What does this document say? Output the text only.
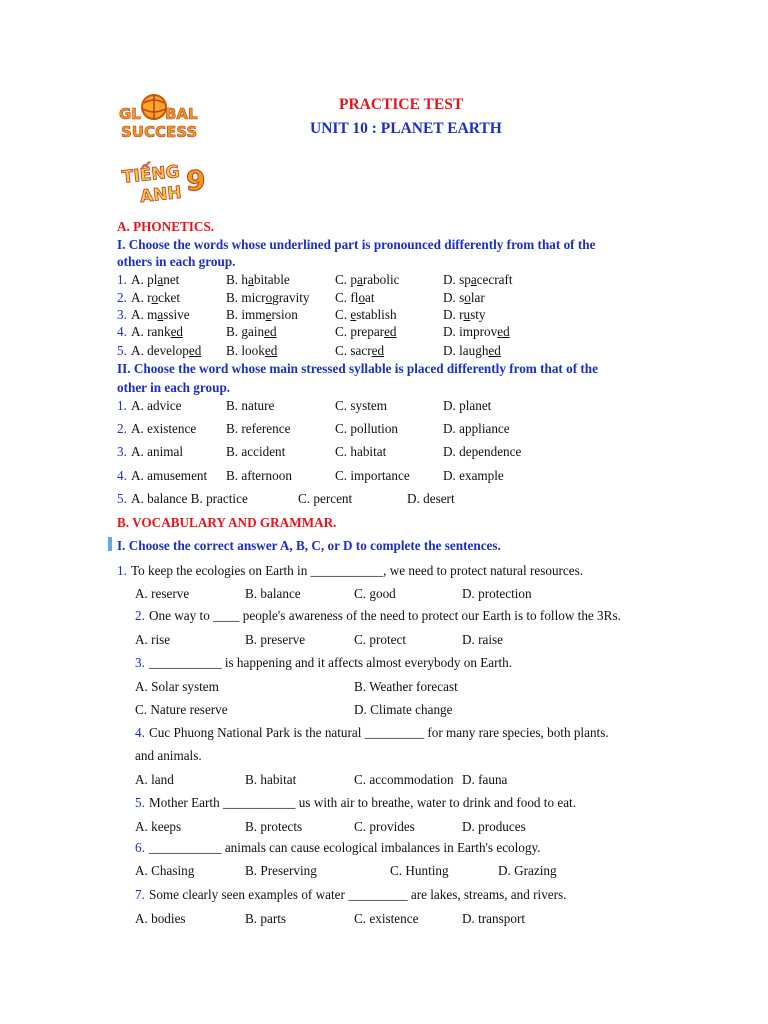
GL BAL
SUCCESS
TIẾNG
ANH 9
PRACTICE TEST
UNIT 10 : PLANET EARTH
A. PHONETICS.
I. Choose the words whose underlined part is pronounced differently from that of the
others in each group.
1. A. planet	B. habitable	C. parabolic	D. spacecraft
2. A. rocket	B. microgravity C. float	D. solar
3. A. massive	B. immersion	C. establish	D. rusty
4. A. ranked	B. gained	C. prepared	D. improved
5. A. developed B. looked	C. sacred	D. laughed
II. Choose the word whose main stressed syllable is placed differently from that of the
other in each group.
1. A. advice	B. nature	C. system	D. planet
2. A. existence B. reference	C. pollution	D. appliance
3. A. animal	B. accident	C. habitat	D. dependence
4. A. amusement B. afternoon	C. importance	D. example
5. A. balance B. practice	C. percent	D. desert
B. VOCABULARY AND GRAMMAR.
I. Choose the correct answer A, B, C, or D to complete the sentences.
1. To keep the ecologies on Earth in ___________, we need to protect natural resources.
A. reserve	B. balance	C. good	D. protection
2. One way to ____ people's awareness of the need to protect our Earth is to follow the 3Rs.
A. rise	B. preserve	C. protect	D. raise
3. ___________ is happening and it affects almost everybody on Earth.
A. Solar system	B. Weather forecast
C. Nature reserve	D. Climate change
4. Cuc Phuong National Park is the natural _________ for many rare species, both plants.
and animals.
A. land	B. habitat	C. accommodation D. fauna
5. Mother Earth ___________ us with air to breathe, water to drink and food to eat.
A. keeps	B. protects	C. provides	D. produces
6. ___________ animals can cause ecological imbalances in Earth's ecology.
A. Chasing	B. Preserving	C. Hunting	D. Grazing
7. Some clearly seen examples of water _________ are lakes, streams, and rivers.
A. bodies	B. parts	C. existence	D. transport
